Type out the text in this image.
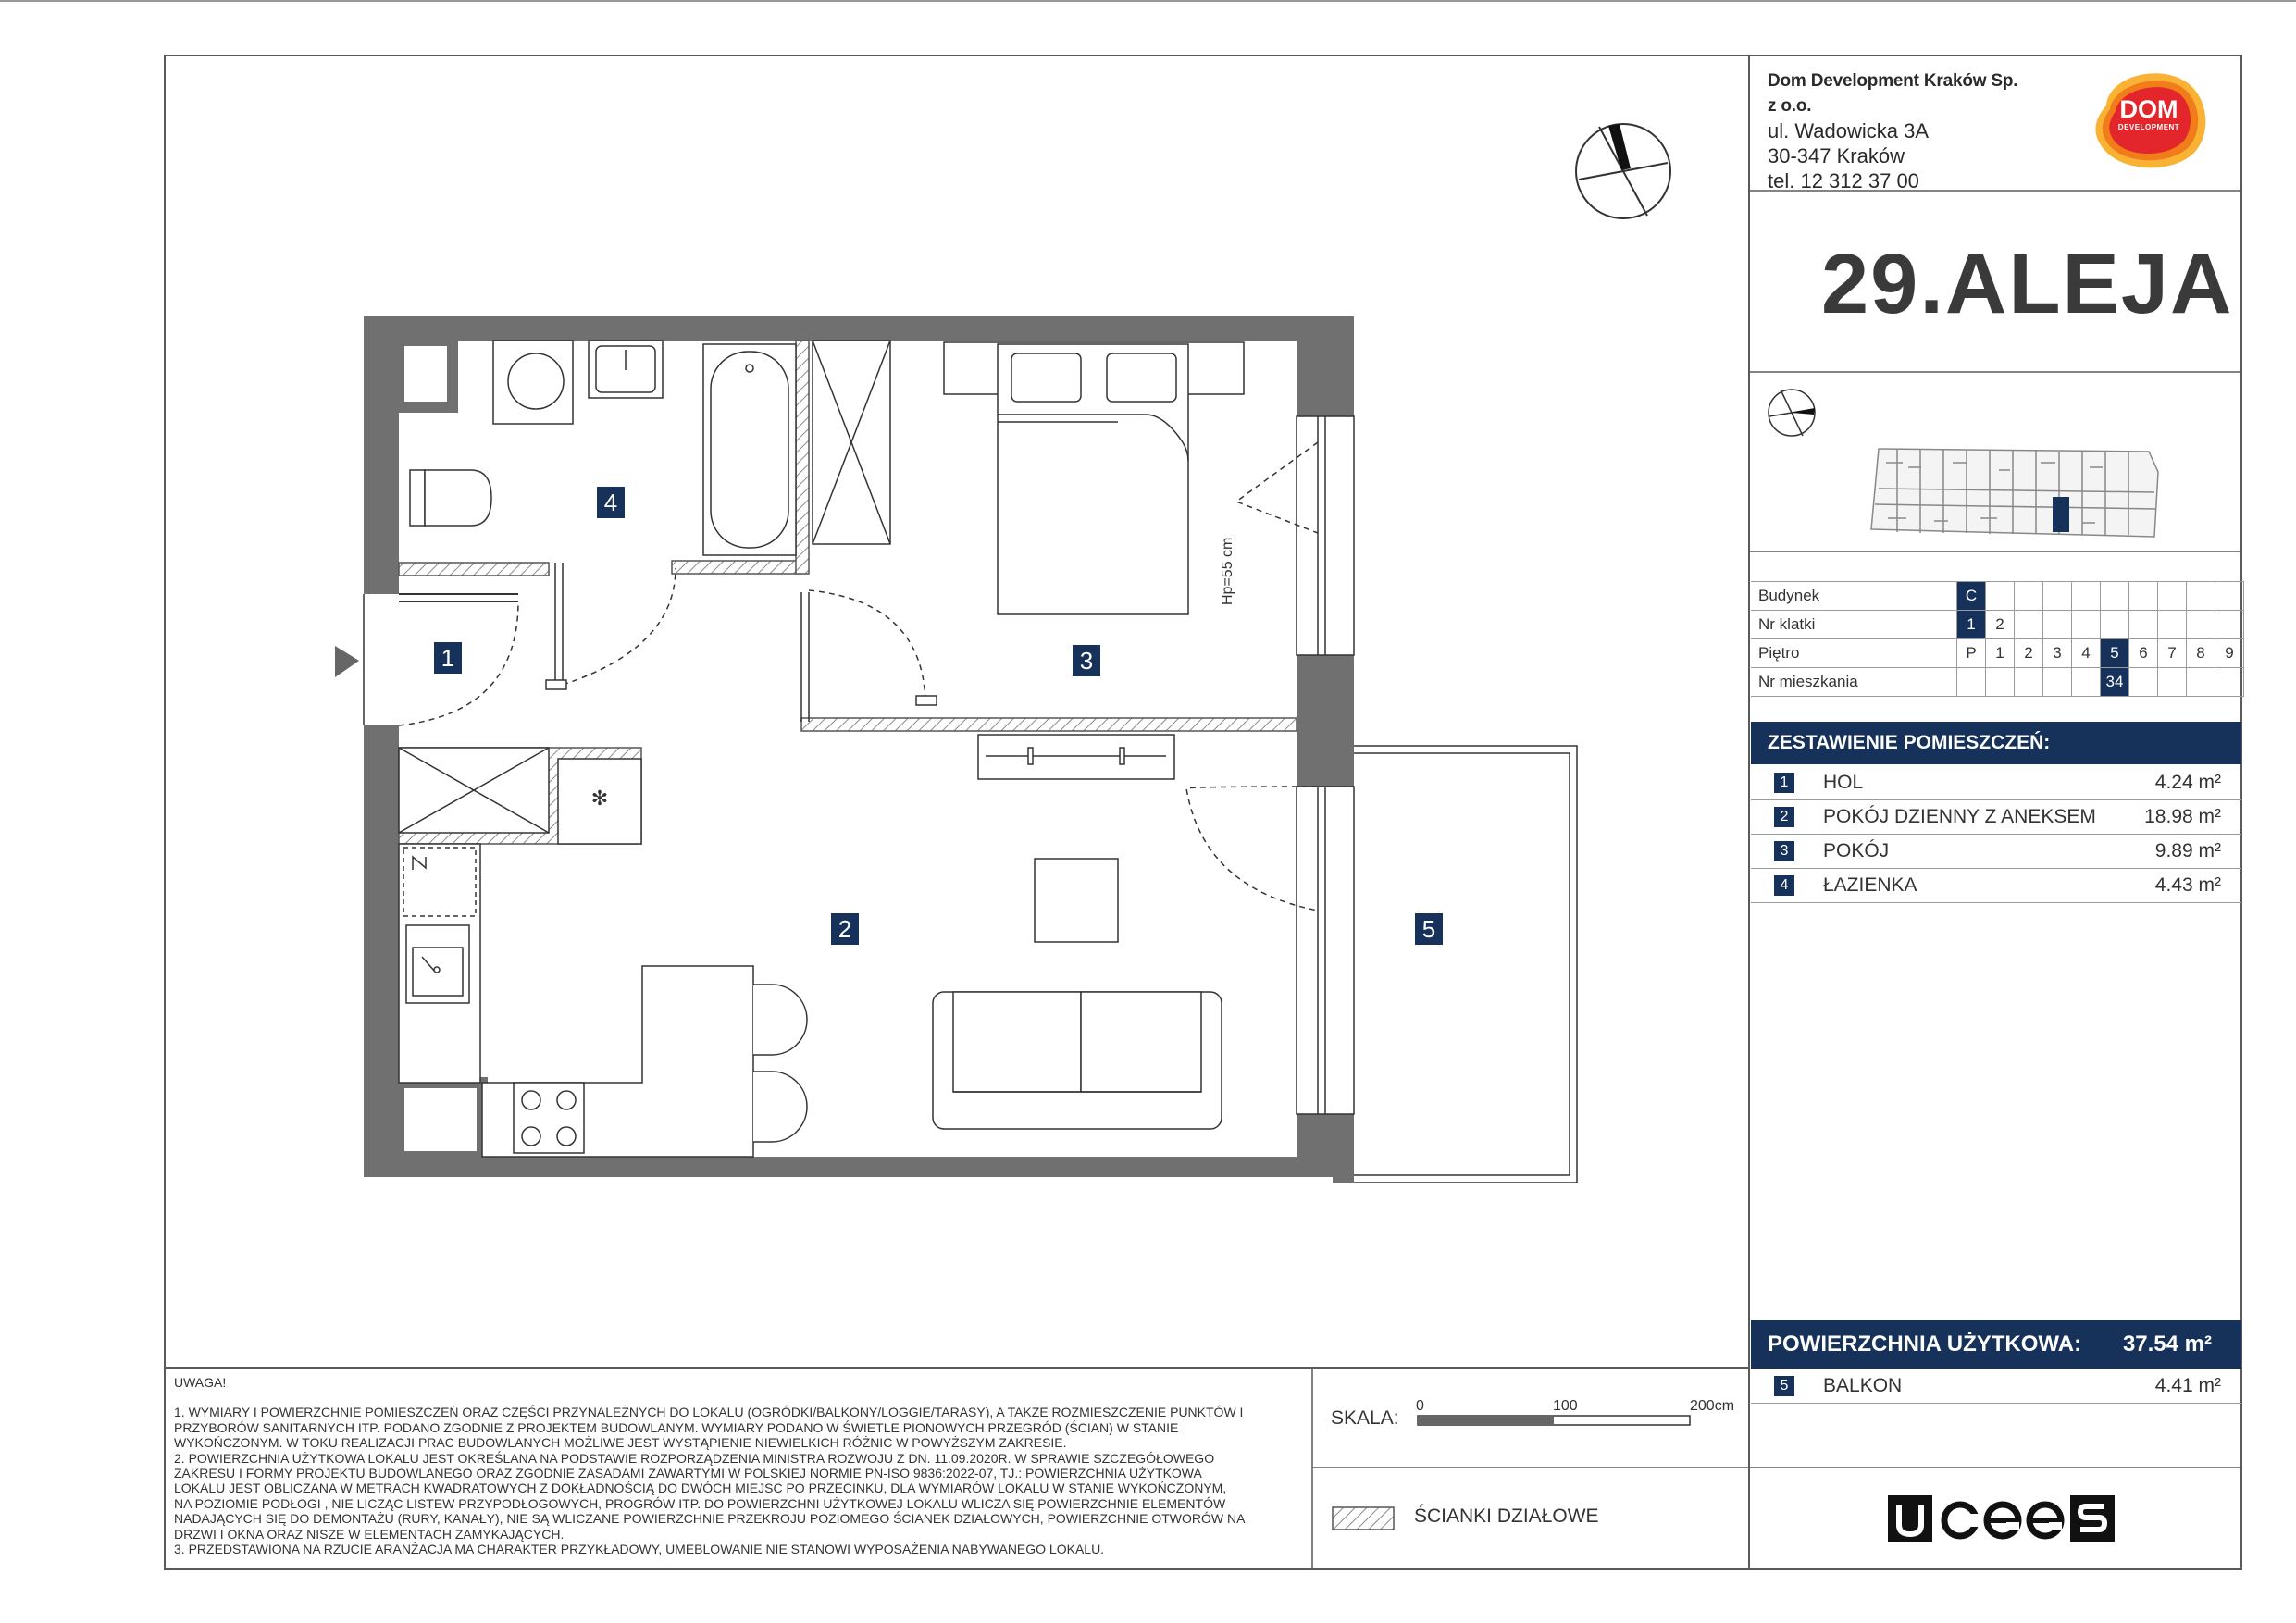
✻
1
2
3
4
5
Hp=55 cm
Dom Development Kraków Sp. z o.o.
ul. Wadowicka 3A
30-347 Kraków
tel. 12 312 37 00
DOM
DEVELOPMENT
29.ALEJA
Budynek	C									
Nr klatki	1	2								
Piętro	P	1	2	3	4	5	6	7	8	9
Nr mieszkania						34				
ZESTAWIENIE POMIESZCZEŃ:
1	HOL	4.24 m²
2	POKÓJ DZIENNY Z ANEKSEM 18.98 m²
3	POKÓJ	9.89 m²
4	ŁAZIENKA	4.43 m²
POWIERZCHNIA UŻYTKOWA: 37.54 m²
5	BALKON	4.41 m²

UWAGA!

1. WYMIARY I POWIERZCHNIE POMIESZCZEŃ ORAZ CZĘŚCI PRZYNALEŻNYCH DO LOKALU (OGRÓDKI/BALKONY/LOGGIE/TARASY), A TAKŻE ROZMIESZCZENIE PUNKTÓW I

PRZYBORÓW SANITARNYCH ITP. PODANO ZGODNIE Z PROJEKTEM BUDOWLANYM. WYMIARY PODANO W ŚWIETLE PIONOWYCH PRZEGRÓD (ŚCIAN) W STANIE

WYKOŃCZONYM. W TOKU REALIZACJI PRAC BUDOWLANYCH MOŻLIWE JEST WYSTĄPIENIE NIEWIELKICH RÓŻNIC W POWYŻSZYM ZAKRESIE.

2. POWIERZCHNIA UŻYTKOWA LOKALU JEST OKREŚLANA NA PODSTAWIE ROZPORZĄDZENIA MINISTRA ROZWOJU Z DN. 11.09.2020R. W SPRAWIE SZCZEGÓŁOWEGO

ZAKRESU I FORMY PROJEKTU BUDOWLANEGO ORAZ ZGODNIE ZASADAMI ZAWARTYMI W POLSKIEJ NORMIE PN-ISO 9836:2022-07, TJ.: POWIERZCHNIA UŻYTKOWA

LOKALU JEST OBLICZANA W METRACH KWADRATOWYCH Z DOKŁADNOŚCIĄ DO DWÓCH MIEJSC PO PRZECINKU, DLA WYMIARÓW LOKALU W STANIE WYKOŃCZONYM,

NA POZIOMIE PODŁOGI , NIE LICZĄC LISTEW PRZYPODŁOGOWYCH, PROGRÓW ITP. DO POWIERZCHNI UŻYTKOWEJ LOKALU WLICZA SIĘ POWIERZCHNIE ELEMENTÓW

NADAJĄCYCH SIĘ DO DEMONTAŻU (RURY, KANAŁY), NIE SĄ WLICZANE POWIERZCHNIE PRZEKROJU POZIOMEGO ŚCIANEK DZIAŁOWYCH, POWIERZCHNIE OTWORÓW NA

DRZWI I OKNA ORAZ NISZE W ELEMENTACH ZAMYKAJĄCYCH.

3. PRZEDSTAWIONA NA RZUCIE ARANŻACJA MA CHARAKTER PRZYKŁADOWY, UMEBLOWANIE NIE STANOWI WYPOSAŻENIA NABYWANEGO LOKALU.

SKALA:
0	100	200cm
ŚCIANKI DZIAŁOWE
